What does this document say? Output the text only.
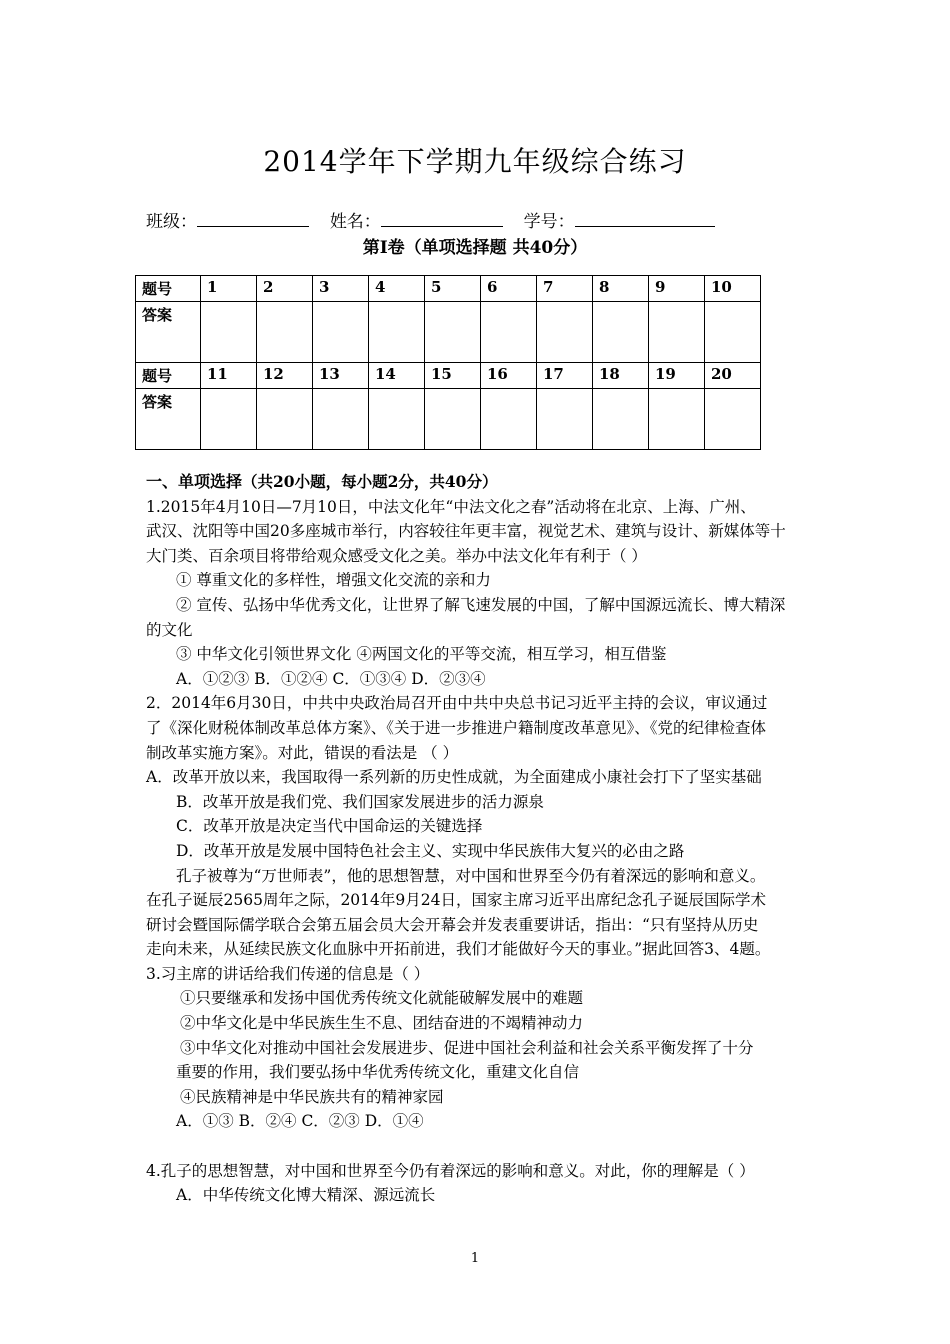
2014学年下学期九年级综合练习
班级：	姓名：	学号：
第Ⅰ卷（单项选择题 共40分）
题号	1	2	3	4	5	6	7	8	9	10
答案										
题号	11	12	13	14	15	16	17	18	19	20
答案										

一、单项选择（共20小题，每小题2分，共40分）

1.2015年4月10日—7月10日，中法文化年“中法文化之春”活动将在北京、上海、广州、

武汉、沈阳等中国20多座城市举行，内容较往年更丰富，视觉艺术、建筑与设计、新媒体等十

大门类、百余项目将带给观众感受文化之美。举办中法文化年有利于（ ）

① 尊重文化的多样性，增强文化交流的亲和力

② 宣传、弘扬中华优秀文化，让世界了解飞速发展的中国，了解中国源远流长、博大精深

的文化

③ 中华文化引领世界文化 ④两国文化的平等交流，相互学习，相互借鉴

A．①②③ B．①②④ C．①③④ D．②③④

2．2014年6月30日，中共中央政治局召开由中共中央总书记习近平主持的会议，审议通过

了《深化财税体制改革总体方案》、《关于进一步推进户籍制度改革意见》、《党的纪律检查体

制改革实施方案》。对此，错误的看法是 （ ）

A．改革开放以来，我国取得一系列新的历史性成就，为全面建成小康社会打下了坚实基础

B．改革开放是我们党、我们国家发展进步的活力源泉

C．改革开放是决定当代中国命运的关键选择

D．改革开放是发展中国特色社会主义、实现中华民族伟大复兴的必由之路

孔子被尊为“万世师表”，他的思想智慧，对中国和世界至今仍有着深远的影响和意义。

在孔子诞辰2565周年之际，2014年9月24日，国家主席习近平出席纪念孔子诞辰国际学术

研讨会暨国际儒学联合会第五届会员大会开幕会并发表重要讲话，指出：“只有坚持从历史

走向未来，从延续民族文化血脉中开拓前进，我们才能做好今天的事业。”据此回答3、4题。

3.习主席的讲话给我们传递的信息是（ ）

①只要继承和发扬中国优秀传统文化就能破解发展中的难题

②中华文化是中华民族生生不息、团结奋进的不竭精神动力

③中华文化对推动中国社会发展进步、促进中国社会利益和社会关系平衡发挥了十分

重要的作用，我们要弘扬中华优秀传统文化，重建文化自信

④民族精神是中华民族共有的精神家园

A．①③ B．②④ C．②③ D．①④

4.孔子的思想智慧，对中国和世界至今仍有着深远的影响和意义。对此，你的理解是（ ）

A．中华传统文化博大精深、源远流长

1
